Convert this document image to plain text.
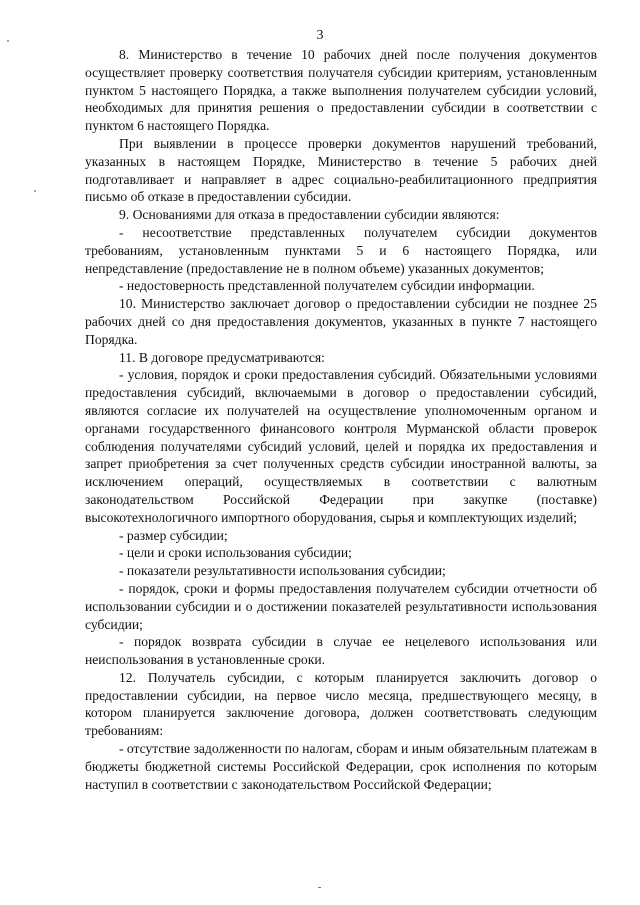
3

8. Министерство в течение 10 рабочих дней после получения документов осуществляет проверку соответствия получателя субсидии критериям, установленным пунктом 5 настоящего Порядка, а также выполнения получателем субсидии условий, необходимых для принятия решения о предоставлении субсидии в соответствии с пунктом 6 настоящего Порядка.

При выявлении в процессе проверки документов нарушений требований, указанных в настоящем Порядке, Министерство в течение 5 рабочих дней подготавливает и направляет в адрес социально-реабилитационного предприятия письмо об отказе в предоставлении субсидии.

9. Основаниями для отказа в предоставлении субсидии являются:

- несоответствие представленных получателем субсидии документов требованиям, установленным пунктами 5 и 6 настоящего Порядка, или непредставление (предоставление не в полном объеме) указанных документов;

- недостоверность представленной получателем субсидии информации.

10. Министерство заключает договор о предоставлении субсидии не позднее 25 рабочих дней со дня предоставления документов, указанных в пункте 7 настоящего Порядка.

11. В договоре предусматриваются:

- условия, порядок и сроки предоставления субсидий. Обязательными условиями предоставления субсидий, включаемыми в договор о предоставлении субсидий, являются согласие их получателей на осуществление уполномоченным органом и органами государственного финансового контроля Мурманской области проверок соблюдения получателями субсидий условий, целей и порядка их предоставления и запрет приобретения за счет полученных средств субсидии иностранной валюты, за исключением операций, осуществляемых в соответствии с валютным законодательством Российской Федерации при закупке (поставке) высокотехнологичного импортного оборудования, сырья и комплектующих изделий;

- размер субсидии;

- цели и сроки использования субсидии;

- показатели результативности использования субсидии;

- порядок, сроки и формы предоставления получателем субсидии отчетности об использовании субсидии и о достижении показателей результативности использования субсидии;

- порядок возврата субсидии в случае ее нецелевого использования или неиспользования в установленные сроки.

12. Получатель субсидии, с которым планируется заключить договор о предоставлении субсидии, на первое число месяца, предшествующего месяцу, в котором планируется заключение договора, должен соответствовать следующим требованиям:

- отсутствие задолженности по налогам, сборам и иным обязательным платежам в бюджеты бюджетной системы Российской Федерации, срок исполнения по которым наступил в соответствии с законодательством Российской Федерации;
